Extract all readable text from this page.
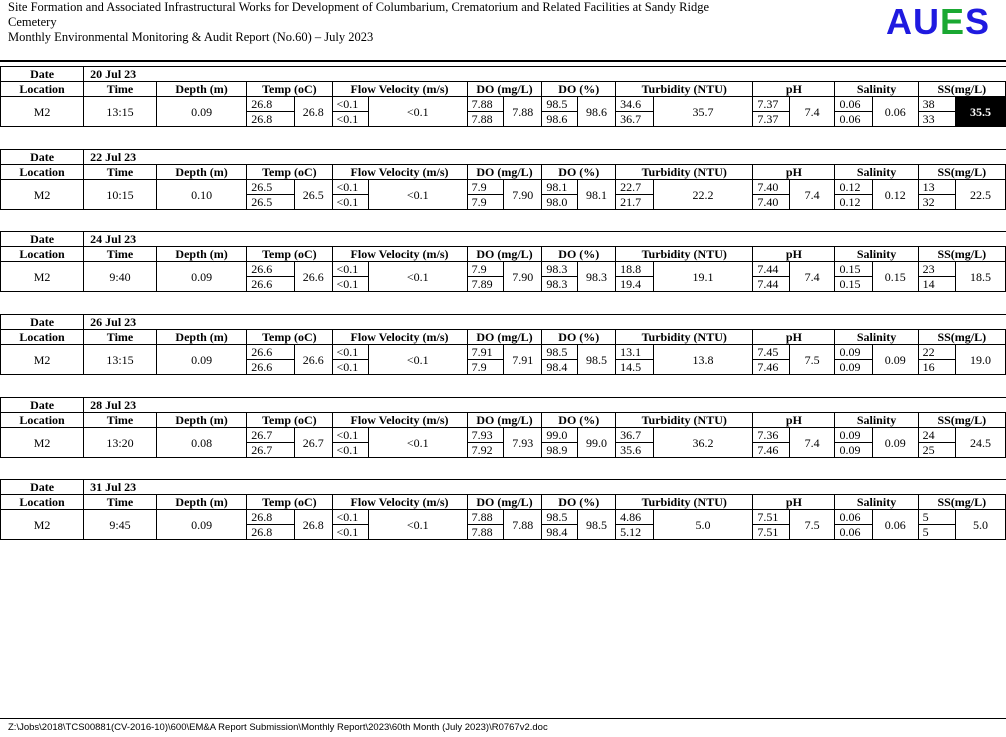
Site Formation and Associated Infrastructural Works for Development of Columbarium, Crematorium and Related Facilities at Sandy Ridge
Cemetery
Monthly Environmental Monitoring & Audit Report (No.60) – July 2023	AUES
Date	20 Jul 23																	
Location	Time	Depth (m)	Temp (oC)		Flow Velocity (m/s)		DO (mg/L)		DO (%)		Turbidity (NTU)		pH		Salinity		SS(mg/L)	
M2	13:15	0.09	26.8	26.8	<0.1	<0.1	7.88	7.88	98.5	98.6	34.6	35.7	7.37	7.4	0.06	0.06	38	35.5
			26.8		<0.1		7.88		98.6		36.7		7.37		0.06		33	
Date	22 Jul 23																	
Location	Time	Depth (m)	Temp (oC)		Flow Velocity (m/s)		DO (mg/L)		DO (%)		Turbidity (NTU)		pH		Salinity		SS(mg/L)	
M2	10:15	0.10	26.5	26.5	<0.1	<0.1	7.9	7.90	98.1	98.1	22.7	22.2	7.40	7.4	0.12	0.12	13	22.5
			26.5		<0.1		7.9		98.0		21.7		7.40		0.12		32	
Date	24 Jul 23																	
Location	Time	Depth (m)	Temp (oC)		Flow Velocity (m/s)		DO (mg/L)		DO (%)		Turbidity (NTU)		pH		Salinity		SS(mg/L)	
M2	9:40	0.09	26.6	26.6	<0.1	<0.1	7.9	7.90	98.3	98.3	18.8	19.1	7.44	7.4	0.15	0.15	23	18.5
			26.6		<0.1		7.89		98.3		19.4		7.44		0.15		14	
Date	26 Jul 23																	
Location	Time	Depth (m)	Temp (oC)		Flow Velocity (m/s)		DO (mg/L)		DO (%)		Turbidity (NTU)		pH		Salinity		SS(mg/L)	
M2	13:15	0.09	26.6	26.6	<0.1	<0.1	7.91	7.91	98.5	98.5	13.1	13.8	7.45	7.5	0.09	0.09	22	19.0
			26.6		<0.1		7.9		98.4		14.5		7.46		0.09		16	
Date	28 Jul 23																	
Location	Time	Depth (m)	Temp (oC)		Flow Velocity (m/s)		DO (mg/L)		DO (%)		Turbidity (NTU)		pH		Salinity		SS(mg/L)	
M2	13:20	0.08	26.7	26.7	<0.1	<0.1	7.93	7.93	99.0	99.0	36.7	36.2	7.36	7.4	0.09	0.09	24	24.5
			26.7		<0.1		7.92		98.9		35.6		7.46		0.09		25	
Date	31 Jul 23																	
Location	Time	Depth (m)	Temp (oC)		Flow Velocity (m/s)		DO (mg/L)		DO (%)		Turbidity (NTU)		pH		Salinity		SS(mg/L)	
M2	9:45	0.09	26.8	26.8	<0.1	<0.1	7.88	7.88	98.5	98.5	4.86	5.0	7.51	7.5	0.06	0.06	5	5.0
			26.8		<0.1		7.88		98.4		5.12		7.51		0.06		5	
Z:\Jobs\2018\TCS00881(CV-2016-10)\600\EM&A Report Submission\Monthly Report\2023\60th Month (July 2023)\R0767v2.doc
